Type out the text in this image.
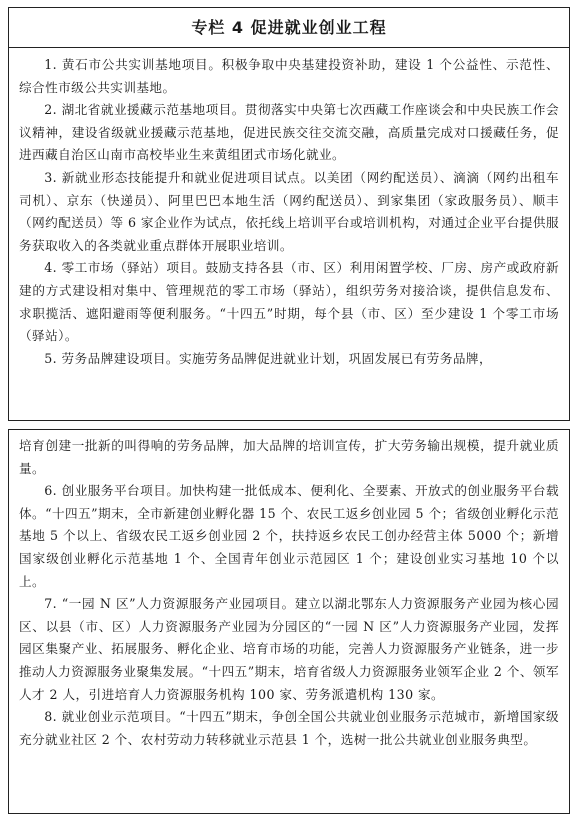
专栏 4 促进就业创业工程

1. 黄石市公共实训基地项目。积极争取中央基建投资补助，建设 1 个公益性、示范性、综合性市级公共实训基地。

2. 湖北省就业援藏示范基地项目。贯彻落实中央第七次西藏工作座谈会和中央民族工作会议精神，建设省级就业援藏示范基地，促进民族交往交流交融，高质量完成对口援藏任务，促进西藏自治区山南市高校毕业生来黄组团式市场化就业。

3. 新就业形态技能提升和就业促进项目试点。以美团（网约配送员）、滴滴（网约出租车司机）、京东（快递员）、阿里巴巴本地生活（网约配送员）、到家集团（家政服务员）、顺丰（网约配送员）等 6 家企业作为试点，依托线上培训平台或培训机构，对通过企业平台提供服务获取收入的各类就业重点群体开展职业培训。

4. 零工市场（驿站）项目。鼓励支持各县（市、区）利用闲置学校、厂房、房产或政府新建的方式建设相对集中、管理规范的零工市场（驿站），组织劳务对接洽谈，提供信息发布、求职揽活、遮阳避雨等便利服务。“十四五”时期，每个县（市、区）至少建设 1 个零工市场（驿站）。

5. 劳务品牌建设项目。实施劳务品牌促进就业计划，巩固发展已有劳务品牌，

培育创建一批新的叫得响的劳务品牌，加大品牌的培训宣传，扩大劳务输出规模，提升就业质量。

6. 创业服务平台项目。加快构建一批低成本、便利化、全要素、开放式的创业服务平台载体。“十四五”期末，全市新建创业孵化器 15 个、农民工返乡创业园 5 个；省级创业孵化示范基地 5 个以上、省级农民工返乡创业园 2 个，扶持返乡农民工创办经营主体 5000 个；新增国家级创业孵化示范基地 1 个、全国青年创业示范园区 1 个；建设创业实习基地 10 个以上。

7. “一园 N 区”人力资源服务产业园项目。建立以湖北鄂东人力资源服务产业园为核心园区、以县（市、区）人力资源服务产业园为分园区的“一园 N 区”人力资源服务产业园，发挥园区集聚产业、拓展服务、孵化企业、培育市场的功能，完善人力资源服务产业链条，进一步推动人力资源服务业聚集发展。“十四五”期末，培育省级人力资源服务业领军企业 2 个、领军人才 2 人，引进培育人力资源服务机构 100 家、劳务派遣机构 130 家。

8. 就业创业示范项目。“十四五”期末，争创全国公共就业创业服务示范城市，新增国家级充分就业社区 2 个、农村劳动力转移就业示范县 1 个，选树一批公共就业创业服务典型。
